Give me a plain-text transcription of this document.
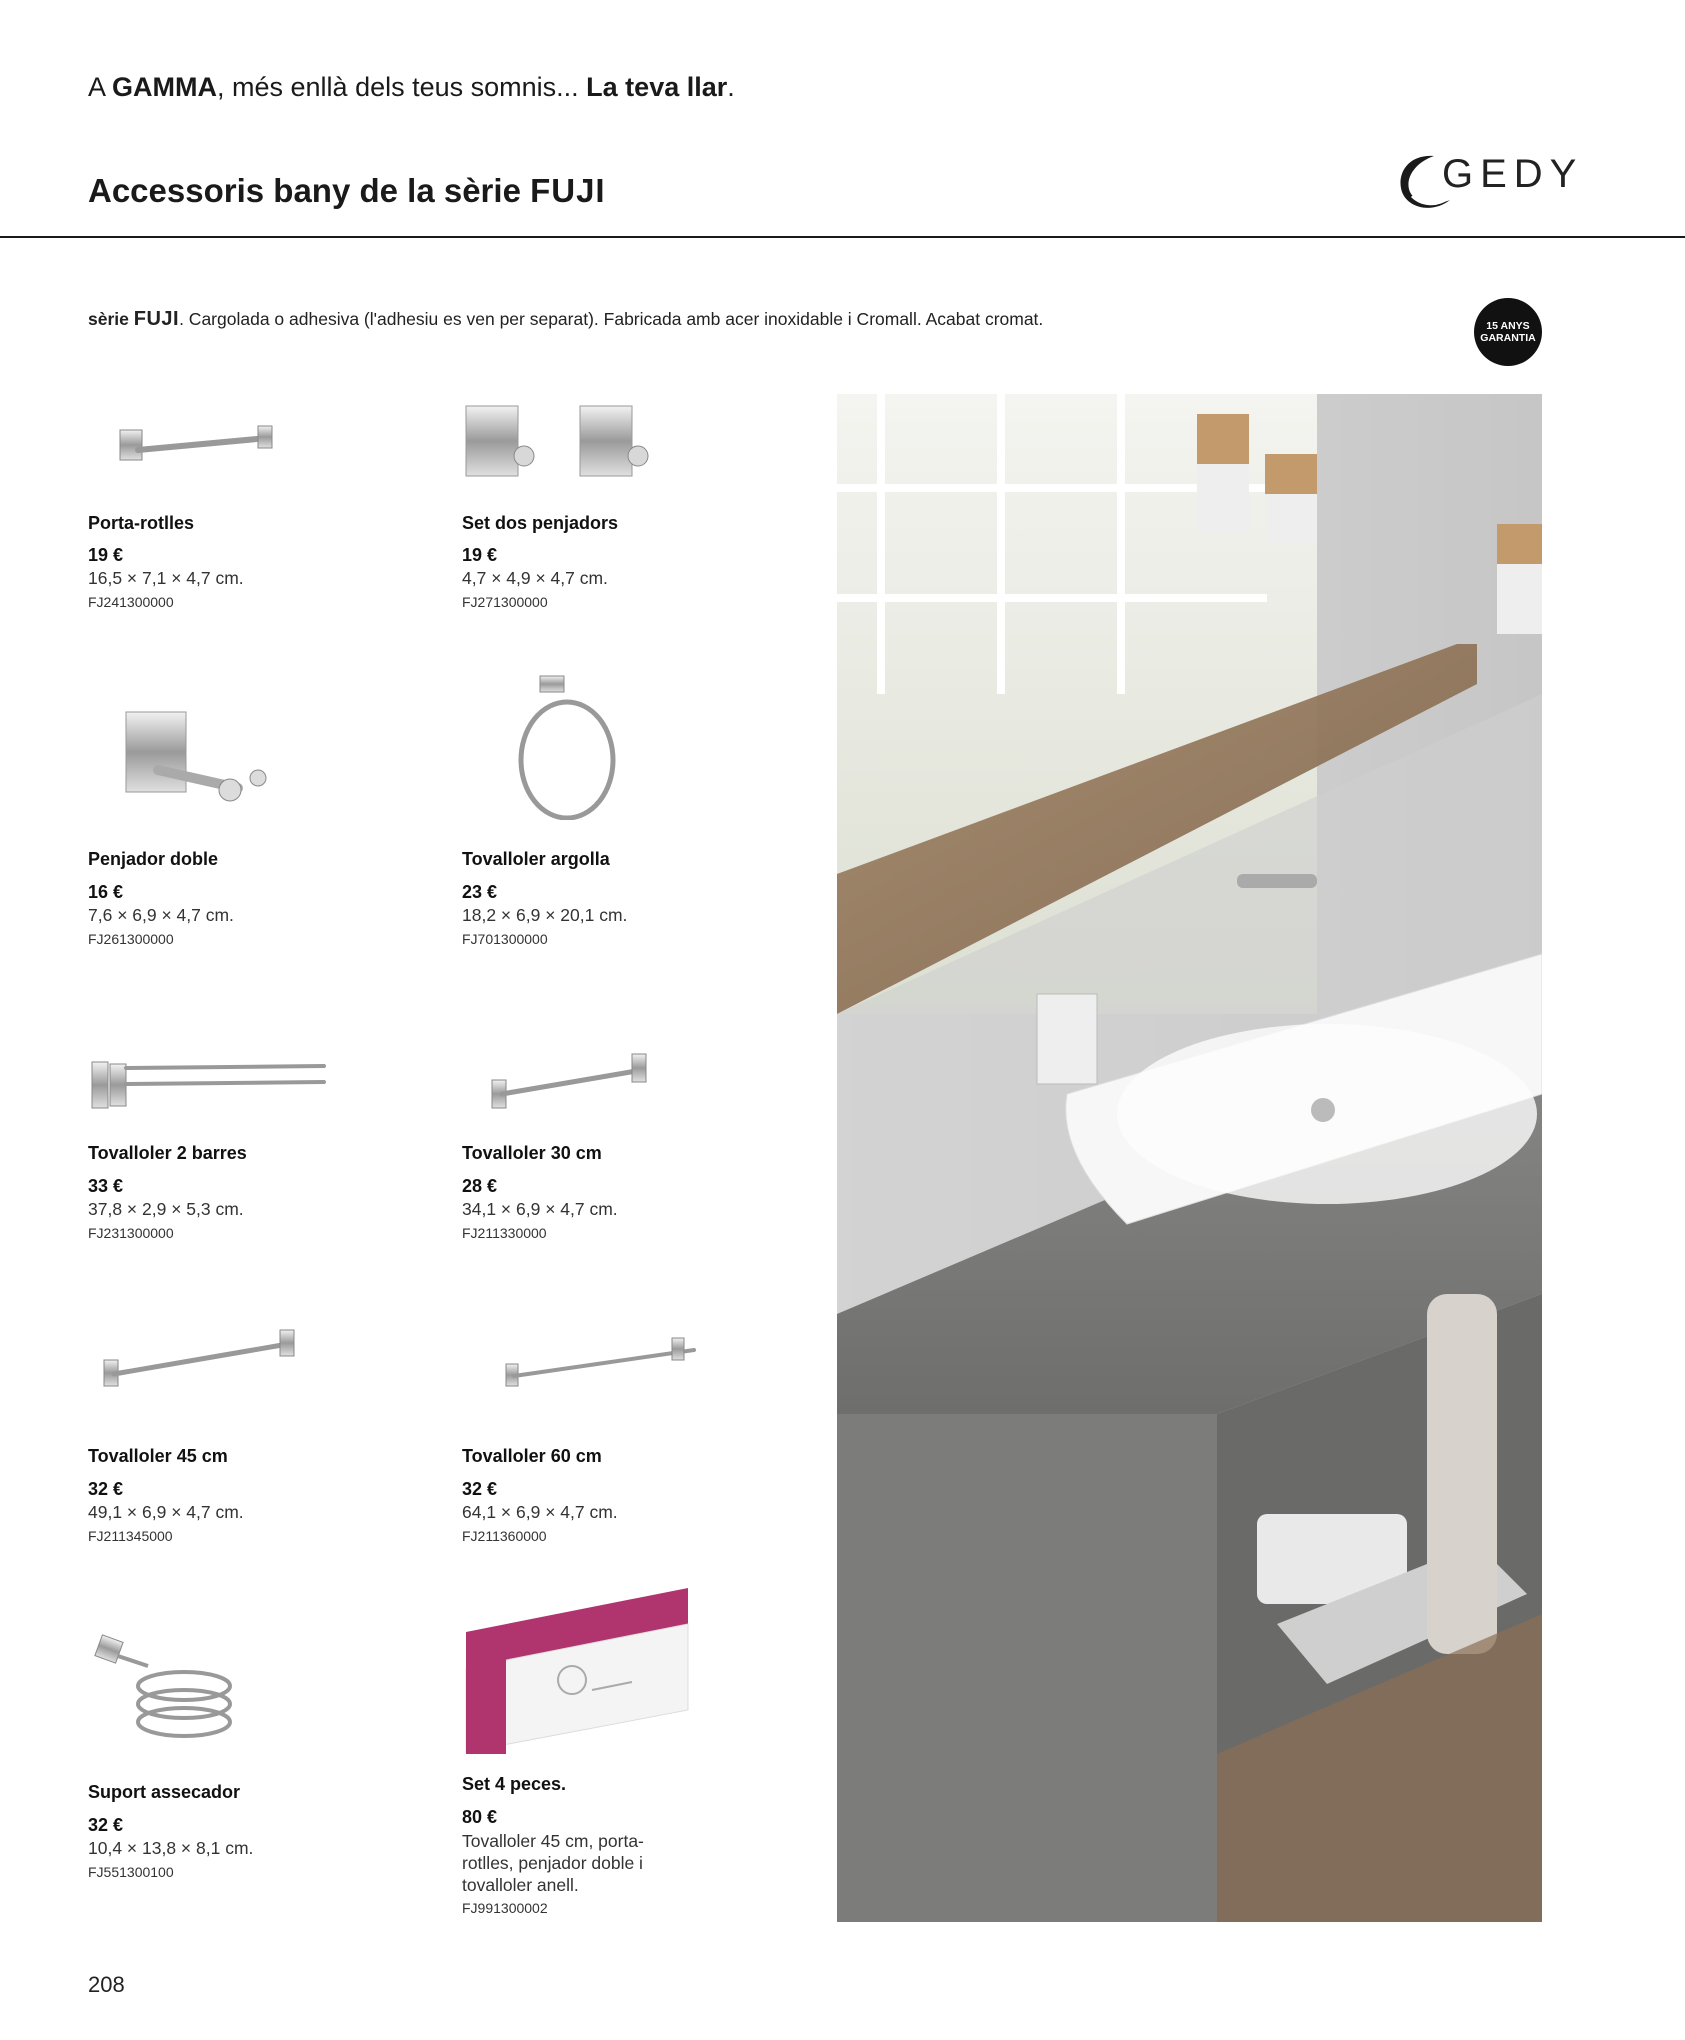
A GAMMA, més enllà dels teus somnis... La teva llar.
Accessoris bany de la sèrie FUJI	GEDY
sèrie FUJI. Cargolada o adhesiva (l'adhesiu es ven per separat). Fabricada amb acer inoxidable i Cromall. Acabat cromat.	15 ANYS
GARANTIA
Porta-rotlles
19 €
16,5 × 7,1 × 4,7 cm.
FJ241300000
Set dos penjadors
19 €
4,7 × 4,9 × 4,7 cm.
FJ271300000
Penjador doble
16 €
7,6 × 6,9 × 4,7 cm.
FJ261300000
Tovalloler argolla
23 €
18,2 × 6,9 × 20,1 cm.
FJ701300000
Tovalloler 2 barres
33 €
37,8 × 2,9 × 5,3 cm.
FJ231300000
Tovalloler 30 cm
28 €
34,1 × 6,9 × 4,7 cm.
FJ211330000
Tovalloler 45 cm
32 €
49,1 × 6,9 × 4,7 cm.
FJ211345000
Tovalloler 60 cm
32 €
64,1 × 6,9 × 4,7 cm.
FJ211360000
Suport assecador
32 €
10,4 × 13,8 × 8,1 cm.
FJ551300100
Set 4 peces.
80 €
Tovalloler 45 cm, porta-rotlles, penjador doble i tovalloler anell.
FJ991300002
208
